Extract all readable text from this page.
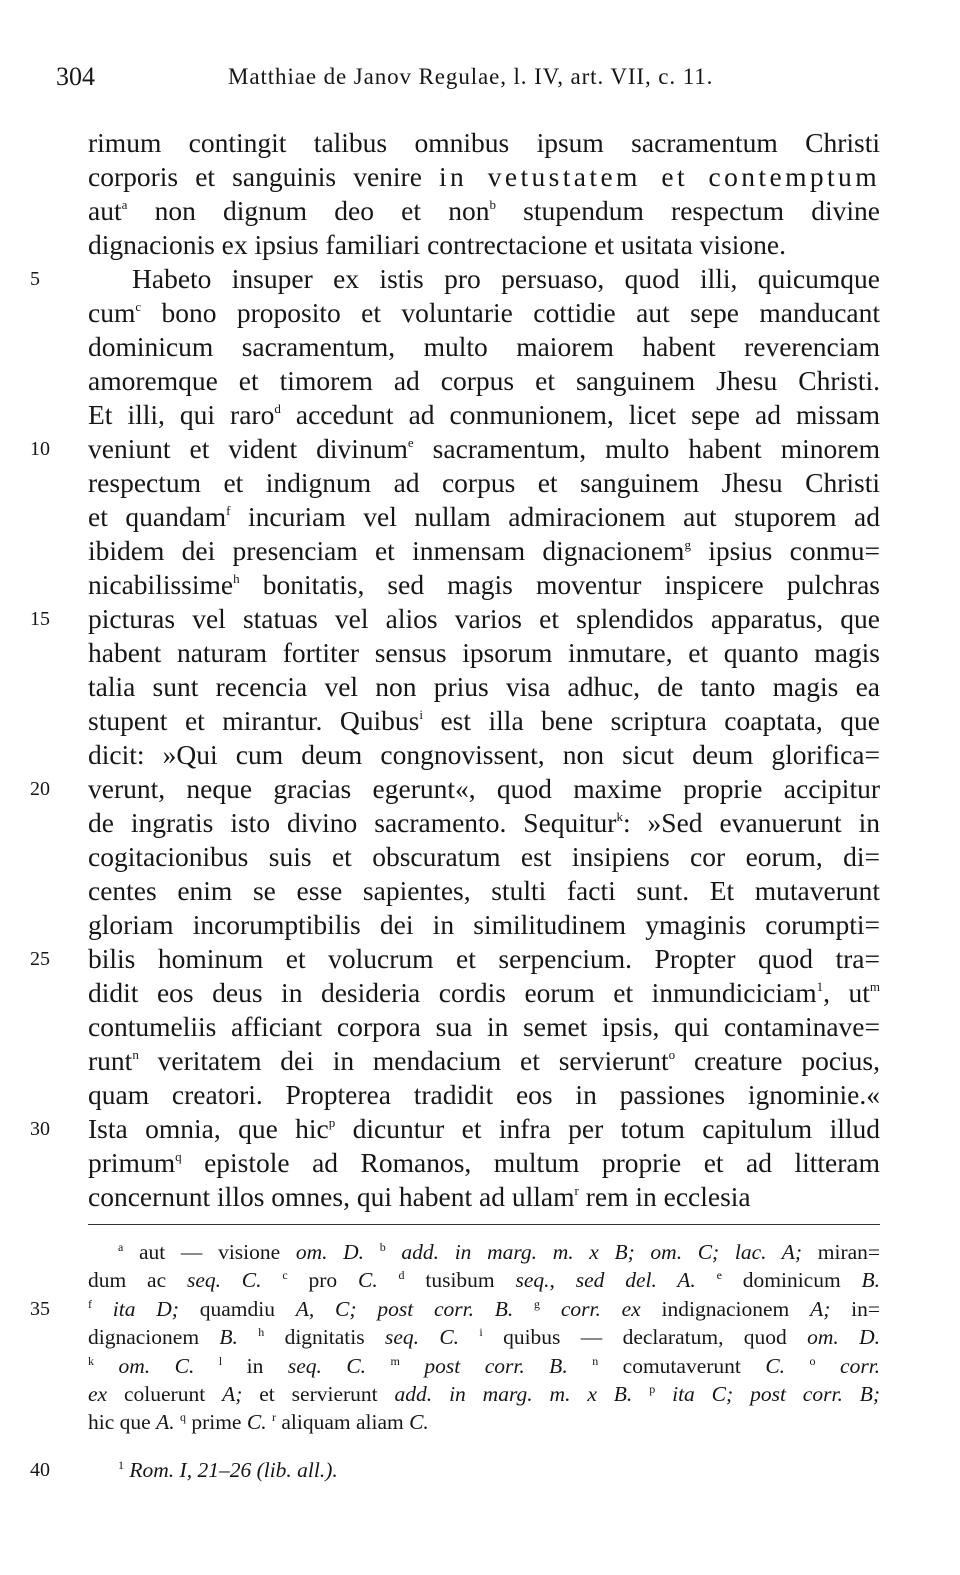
304	Matthiae de Janov Regulae, l. IV, art. VII, c. 11.
rimum contingit talibus omnibus ipsum sacramentum Christi
corporis et sanguinis venire in vetustatem et contemptum
aut$^a$ non dignum deo et non$^b$ stupendum respectum divine
dignacionis ex ipsius familiari contrectacione et usitata visione.
5	Habeto insuper ex istis pro persuaso, quod illi, quicumque
cum$^c$ bono proposito et voluntarie cottidie aut sepe manducant
dominicum sacramentum, multo maiorem habent reverenciam
amoremque et timorem ad corpus et sanguinem Jhesu Christi.
Et illi, qui raro$^d$ accedunt ad conmunionem, licet sepe ad missam
10	veniunt et vident divinum$^e$ sacramentum, multo habent minorem
respectum et indignum ad corpus et sanguinem Jhesu Christi
et quandam$^f$ incuriam vel nullam admiracionem aut stuporem ad
ibidem dei presenciam et inmensam dignacionem$^g$ ipsius conmu=
nicabilissime$^h$ bonitatis, sed magis moventur inspicere pulchras
15	picturas vel statuas vel alios varios et splendidos apparatus, que
habent naturam fortiter sensus ipsorum inmutare, et quanto magis
talia sunt recencia vel non prius visa adhuc, de tanto magis ea
stupent et mirantur. Quibus$^i$ est illa bene scriptura coaptata, que
dicit: »Qui cum deum congnovissent, non sicut deum glorifica=
20	verunt, neque gracias egerunt«, quod maxime proprie accipitur
de ingratis isto divino sacramento. Sequitur$^k$: »Sed evanuerunt in
cogitacionibus suis et obscuratum est insipiens cor eorum, di=
centes enim se esse sapientes, stulti facti sunt. Et mutaverunt
gloriam incorumptibilis dei in similitudinem ymaginis corumpti=
25	bilis hominum et volucrum et serpencium. Propter quod tra=
didit eos deus in desideria cordis eorum et inmundiciciam$^1$, $ut^m$
contumeliis afficiant corpora sua in semet ipsis, qui contaminave=
runt$^n$ veritatem dei in mendacium et servierunt$^o$ creature pocius,
quam creatori. Propterea tradidit eos in passiones ignominie.«
30	Ista omnia, que hic$^p$ dicuntur et infra per totum capitulum illud
primum$^q$ epistole ad Romanos, multum proprie et ad litteram
concernunt illos omnes, qui habent ad ullam$^r$ rem in ecclesia
$^a$ aut — visione om. D. $^b$ add. in marg. m. x B; om. C; lac. A; miran=
dum ac seq. C. $^c$ pro C. $^d$ tusibum seq., sed del. A. $^e$ dominicum B.
35	$^f$ ita D; quamdiu A, C; post corr. B. $^g$ corr. ex indignacionem A; in=
dignacionem B. $^h$ dignitatis seq. C. $^i$ quibus — declaratum, quod om. D.
$^k$ om. C. $^l$ in seq. C. $^m$ post corr. B. $^n$ comutaverunt C. $^o$ corr.
ex coluerunt A; et servierunt add. in marg. m. x B. $^p$ ita C; post corr. B;
hic que A. $^q$ prime C. $^r$ aliquam aliam C.
40	$^1$ Rom. I, 21–26 (lib. all.).
